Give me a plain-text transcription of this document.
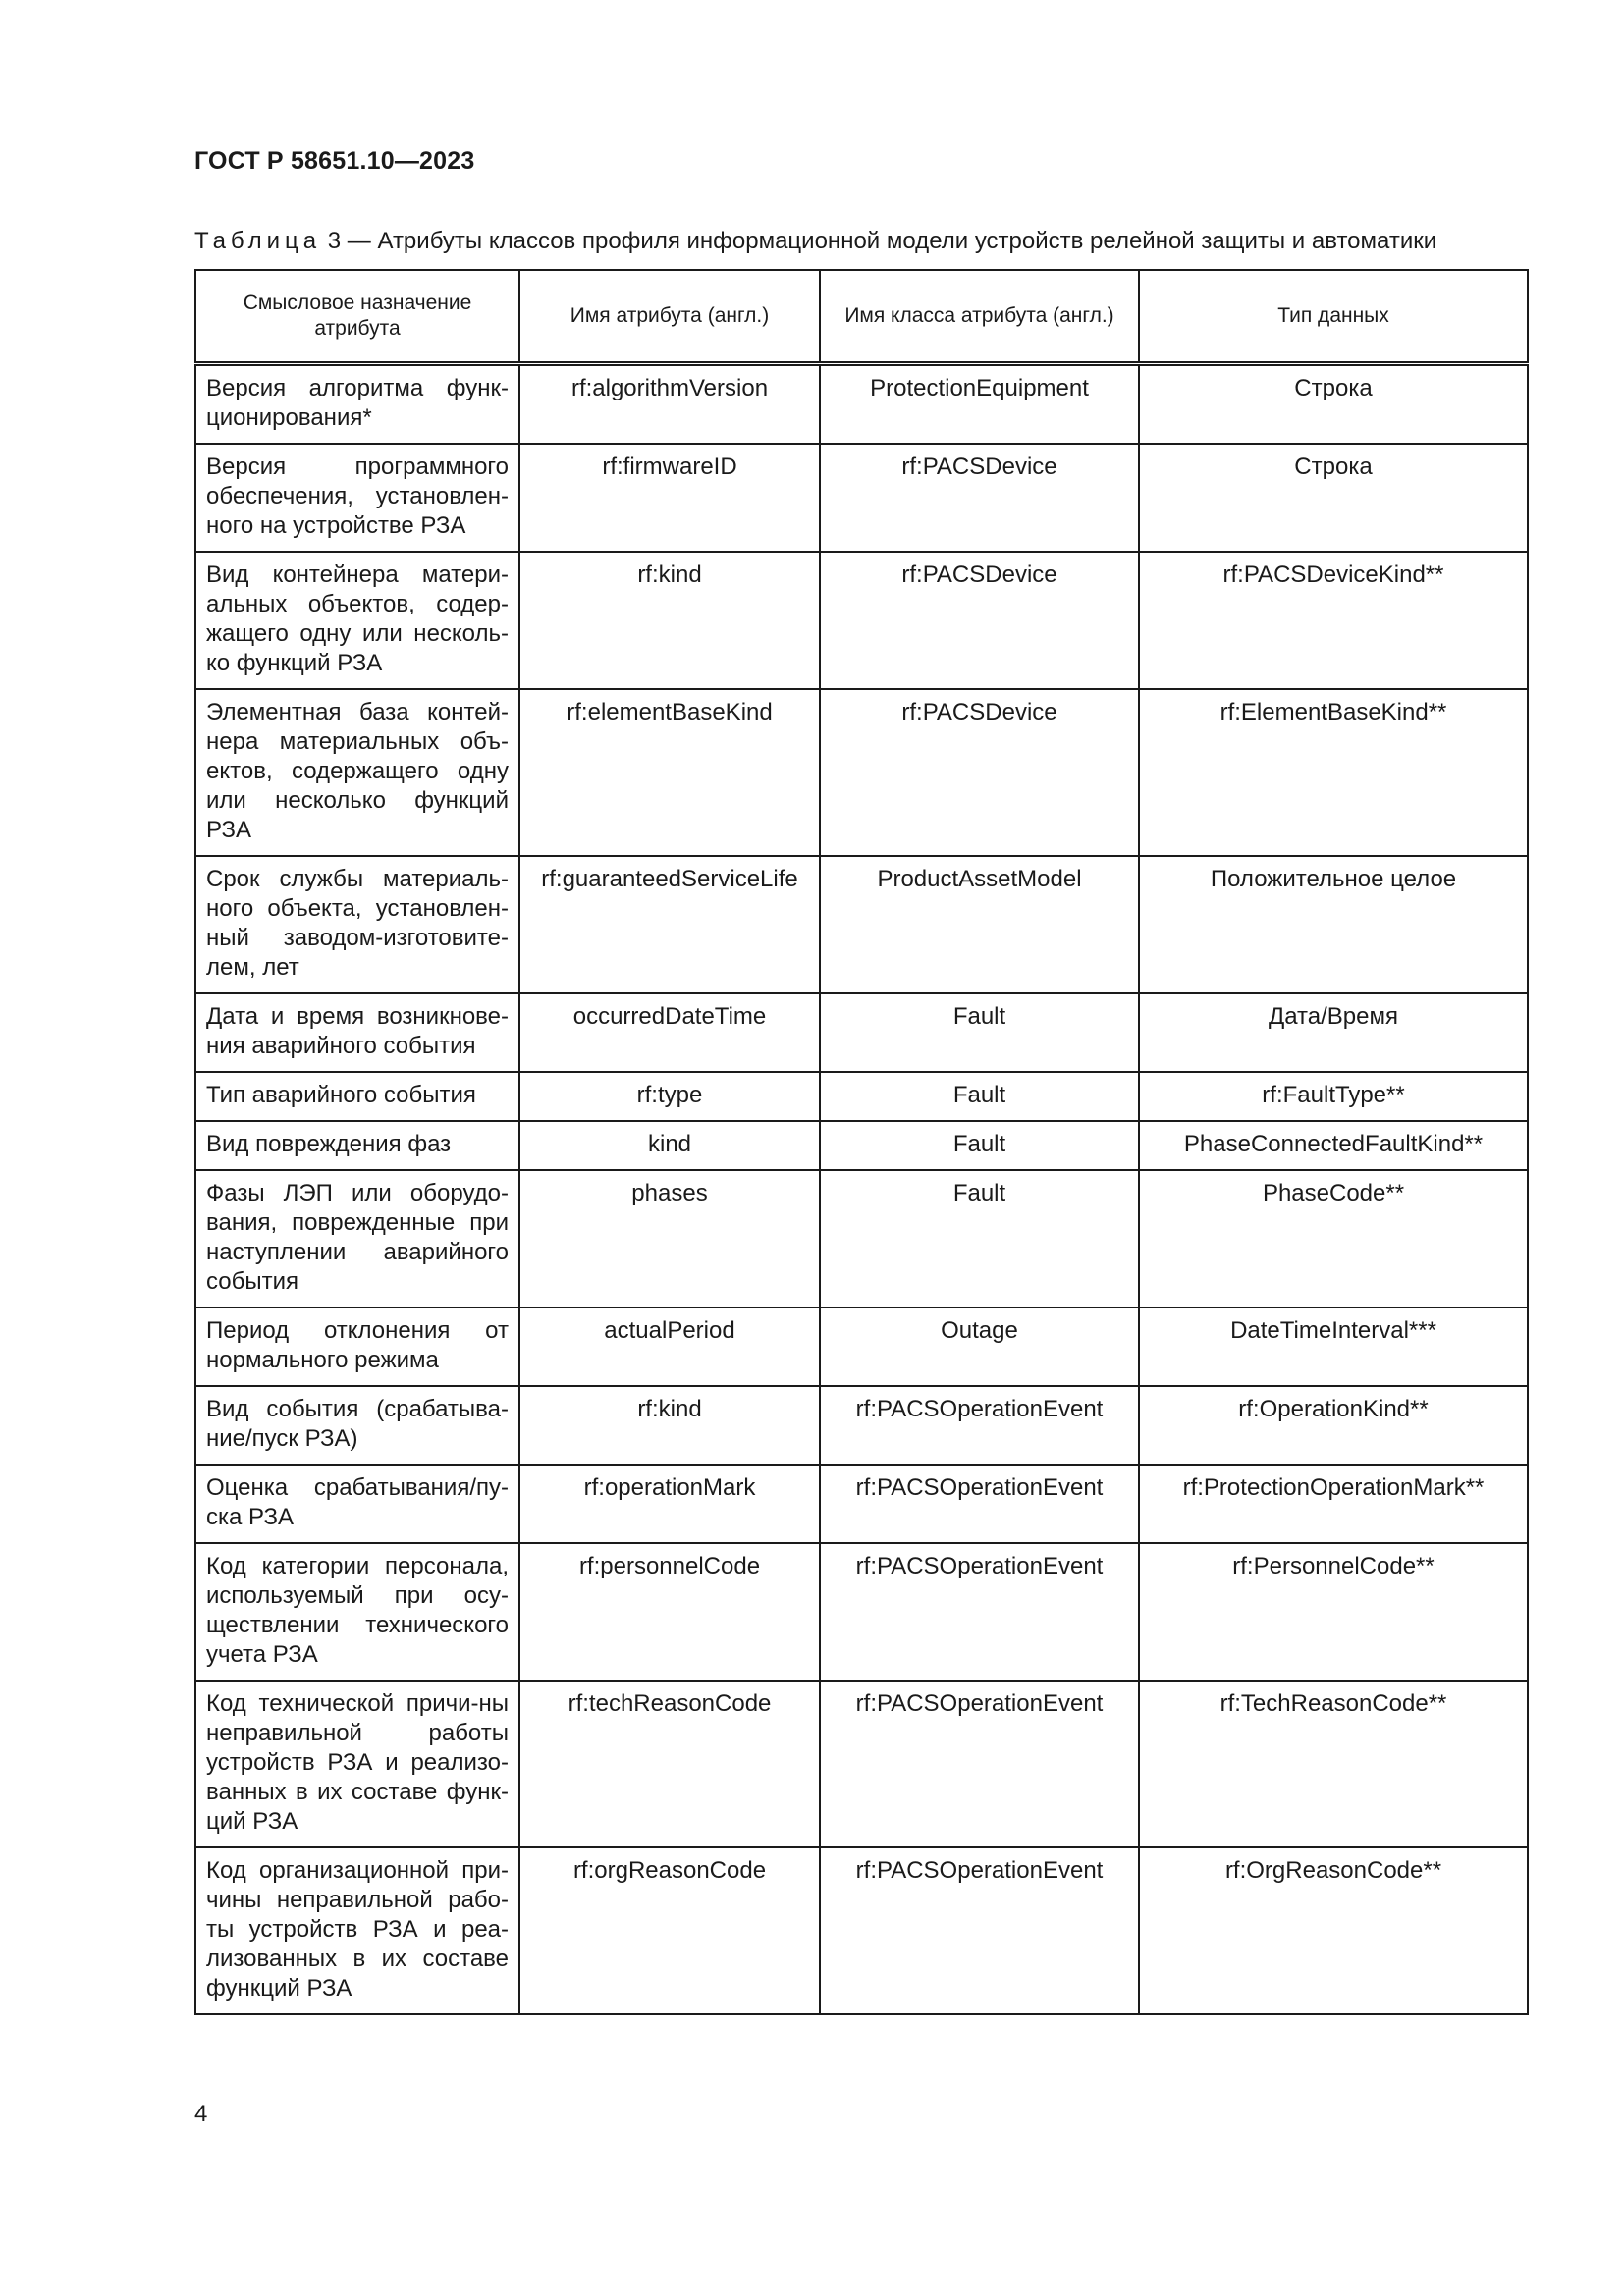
ГОСТ Р 58651.10—2023
Таблица 3 — Атрибуты классов профиля информационной модели устройств релейной защиты и автоматики
Смысловое назначение атрибута	Имя атрибута (англ.)	Имя класса атрибута (англ.)	Тип данных
Версия алгоритма функ-ционирования*	rf:algorithmVersion	ProtectionEquipment	Строка
Версия программного обеспечения, установлен-ного на устройстве РЗА	rf:firmwareID	rf:PACSDevice	Строка
Вид контейнера матери-альных объектов, содер-жащего одну или несколь-ко функций РЗА	rf:kind	rf:PACSDevice	rf:PACSDeviceKind**
Элементная база контей-нера материальных объ-ектов, содержащего одну или несколько функций РЗА	rf:elementBaseKind	rf:PACSDevice	rf:ElementBaseKind**
Срок службы материаль-ного объекта, установлен-ный заводом-изготовите-лем, лет	rf:guaranteedServiceLife	ProductAssetModel	Положительное целое
Дата и время возникнове-ния аварийного события	occurredDateTime	Fault	Дата/Время
Тип аварийного события	rf:type	Fault	rf:FaultType**
Вид повреждения фаз	kind	Fault	PhaseConnectedFaultKind**
Фазы ЛЭП или оборудо-вания, поврежденные при наступлении аварийного события	phases	Fault	PhaseCode**
Период отклонения от нормального режима	actualPeriod	Outage	DateTimeInterval***
Вид события (срабатыва-ние/пуск РЗА)	rf:kind	rf:PACSOperationEvent	rf:OperationKind**
Оценка срабатывания/пу-ска РЗА	rf:operationMark	rf:PACSOperationEvent	rf:ProtectionOperationMark**
Код категории персонала, используемый при осу-ществлении технического учета РЗА	rf:personnelCode	rf:PACSOperationEvent	rf:PersonnelCode**
Код технической причи-ны неправильной работы устройств РЗА и реализо-ванных в их составе функ-ций РЗА	rf:techReasonCode	rf:PACSOperationEvent	rf:TechReasonCode**
Код организационной при-чины неправильной рабо-ты устройств РЗА и реа-лизованных в их составе функций РЗА	rf:orgReasonCode	rf:PACSOperationEvent	rf:OrgReasonCode**
4
